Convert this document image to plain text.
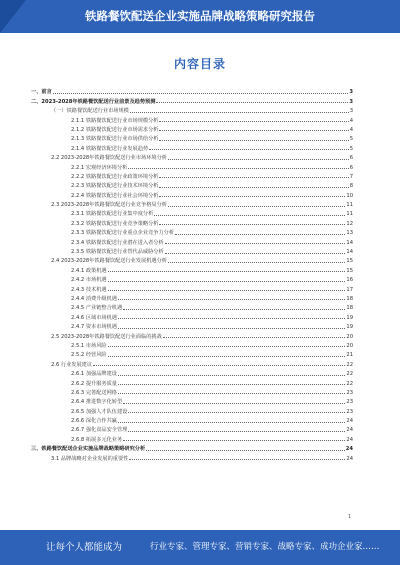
铁路餐饮配送企业实施品牌战略策略研究报告
内容目录
一、前言	3
二、2023-2028年铁路餐饮配送行业前景及趋势预测	3
（一）铁路餐饮配送行业市场规模	3
2.1.1 铁路餐饮配送行业市场规模分析	4
2.1.2 铁路餐饮配送行业市场需求分析	4
2.1.3 铁路餐饮配送行业市场供给分析	5
2.1.4 铁路餐饮配送行业发展趋势	5
2.2 2023-2028年铁路餐饮配送行业市场环境分析	6
2.2.1 宏观经济环境分析	6
2.2.2 铁路餐饮配送行业政策环境分析	7
2.2.3 铁路餐饮配送行业技术环境分析	8
2.2.4 铁路餐饮配送行业社会环境分析	10
2.3 2023-2028年铁路餐饮配送行业竞争格局分析	11
2.3.1 铁路餐饮配送行业集中度分析	11
2.3.2 铁路餐饮配送行业竞争策略分析	12
2.3.3 铁路餐饮配送行业重点企业竞争力分析	13
2.3.4 铁路餐饮配送行业潜在进入者分析	14
2.3.5 铁路餐饮配送行业替代品威胁分析	14
2.4 2023-2028年铁路餐饮配送行业发展机遇分析	15
2.4.1 政策机遇	15
2.4.2 市场机遇	16
2.4.3 技术机遇	17
2.4.4 消费升级机遇	18
2.4.5 产业链整合机遇	18
2.4.6 区域市场机遇	19
2.4.7 资本市场机遇	19
2.5 2023-2028年铁路餐饮配送行业面临的挑战	20
2.5.1 市场风险	20
2.5.2 经营风险	21
2.6 行业发展建议	22
2.6.1 加强品牌建设	22
2.6.2 提升服务质量	22
2.6.3 完善配送网络	23
2.6.4 推进数字化转型	23
2.6.5 加强人才队伍建设	23
2.6.6 深化合作共赢	24
2.6.7 强化食品安全管理	24
2.6.8 拓展多元化业务	24
三、铁路餐饮配送企业实施品牌战略策略研究分析	24
3.1 品牌战略对企业发展的重要性	24
1
让每个人都能成为	行业专家、管理专家、营销专家、战略专家、成功企业家……
